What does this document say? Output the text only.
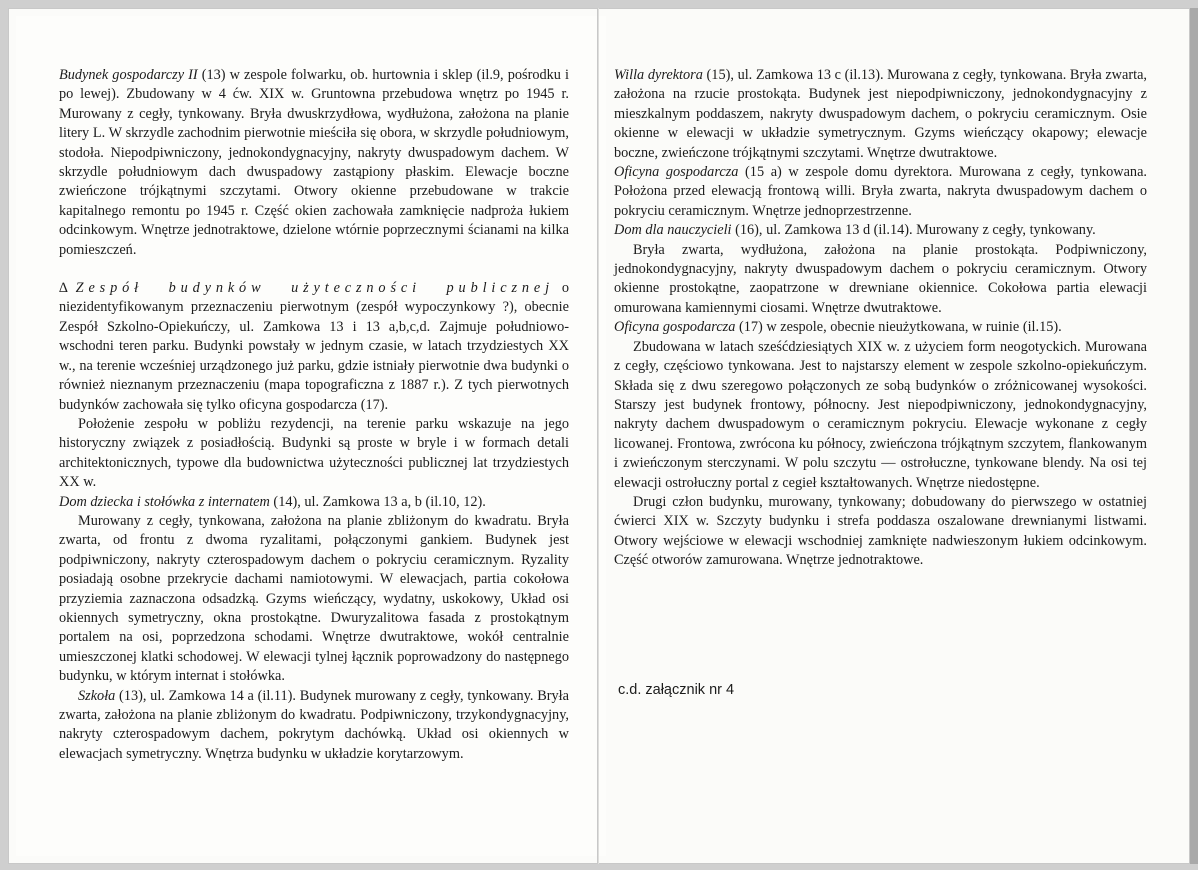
Budynek gospodarczy II (13) w zespole folwarku, ob. hurtownia i sklep (il.9, pośrodku i po lewej). Zbudowany w 4 ćw. XIX w. Gruntowna przebudowa wnętrz po 1945 r. Murowany z cegły, tynkowany. Bryła dwuskrzydłowa, wydłużona, założona na planie litery L. W skrzydle zachodnim pierwotnie mieściła się obora, w skrzydle południowym, stodoła. Niepodpiwniczony, jednokondygnacyjny, nakryty dwuspadowym dachem. W skrzydle południowym dach dwuspadowy zastąpiony płaskim. Elewacje boczne zwieńczone trójkątnymi szczytami. Otwory okienne przebudowane w trakcie kapitalnego remontu po 1945 r. Część okien zachowała zamknięcie nadproża łukiem odcinkowym. Wnętrze jednotraktowe, dzielone wtórnie poprzecznymi ścianami na kilka pomieszczeń.

∆ Zespół budynków użyteczności publicznej o niezidentyfikowanym przeznaczeniu pierwotnym (zespół wypoczynkowy ?), obecnie Zespół Szkolno-Opiekuńczy, ul. Zamkowa 13 i 13 a,b,c,d. Zajmuje południowo-wschodni teren parku. Budynki powstały w jednym czasie, w latach trzydziestych XX w., na terenie wcześniej urządzonego już parku, gdzie istniały pierwotnie dwa budynki o również nieznanym przeznaczeniu (mapa topograficzna z 1887 r.). Z tych pierwotnych budynków zachowała się tylko oficyna gospodarcza (17).

Położenie zespołu w pobliżu rezydencji, na terenie parku wskazuje na jego historyczny związek z posiadłością. Budynki są proste w bryle i w formach detali architektonicznych, typowe dla budownictwa użyteczności publicznej lat trzydziestych XX w.

Dom dziecka i stołówka z internatem (14), ul. Zamkowa 13 a, b (il.10, 12).

Murowany z cegły, tynkowana, założona na planie zbliżonym do kwadratu. Bryła zwarta, od frontu z dwoma ryzalitami, połączonymi gankiem. Budynek jest podpiwniczony, nakryty czterospadowym dachem o pokryciu ceramicznym. Ryzality posiadają osobne przekrycie dachami namiotowymi. W elewacjach, partia cokołowa przyziemia zaznaczona odsadzką. Gzyms wieńczący, wydatny, uskokowy, Układ osi okiennych symetryczny, okna prostokątne. Dwuryzalitowa fasada z prostokątnym portalem na osi, poprzedzona schodami. Wnętrze dwutraktowe, wokół centralnie umieszczonej klatki schodowej. W elewacji tylnej łącznik poprowadzony do następnego budynku, w którym internat i stołówka.

Szkoła (13), ul. Zamkowa 14 a (il.11). Budynek murowany z cegły, tynkowany. Bryła zwarta, założona na planie zbliżonym do kwadratu. Podpiwniczony, trzykondygnacyjny, nakryty czterospadowym dachem, pokrytym dachówką. Układ osi okiennych w elewacjach symetryczny. Wnętrza budynku w układzie korytarzowym.

Willa dyrektora (15), ul. Zamkowa 13 c (il.13). Murowana z cegły, tynkowana. Bryła zwarta, założona na rzucie prostokąta. Budynek jest niepodpiwniczony, jednokondygnacyjny z mieszkalnym poddaszem, nakryty dwuspadowym dachem, o pokryciu ceramicznym. Osie okienne w elewacji w układzie symetrycznym. Gzyms wieńczący okapowy; elewacje boczne, zwieńczone trójkątnymi szczytami. Wnętrze dwutraktowe.

Oficyna gospodarcza (15 a) w zespole domu dyrektora. Murowana z cegły, tynkowana. Położona przed elewacją frontową willi. Bryła zwarta, nakryta dwuspadowym dachem o pokryciu ceramicznym. Wnętrze jednoprzestrzenne.

Dom dla nauczycieli (16), ul. Zamkowa 13 d (il.14). Murowany z cegły, tynkowany.

Bryła zwarta, wydłużona, założona na planie prostokąta. Podpiwniczony, jednokondygnacyjny, nakryty dwuspadowym dachem o pokryciu ceramicznym. Otwory okienne prostokątne, zaopatrzone w drewniane okiennice. Cokołowa partia elewacji omurowana kamiennymi ciosami. Wnętrze dwutraktowe.

Oficyna gospodarcza (17) w zespole, obecnie nieużytkowana, w ruinie (il.15).

Zbudowana w latach sześćdziesiątych XIX w. z użyciem form neogotyckich. Murowana z cegły, częściowo tynkowana. Jest to najstarszy element w zespole szkolno-opiekuńczym. Składa się z dwu szeregowo połączonych ze sobą budynków o zróżnicowanej wysokości. Starszy jest budynek frontowy, północny. Jest niepodpiwniczony, jednokondygnacyjny, nakryty dachem dwuspadowym o ceramicznym pokryciu. Elewacje wykonane z cegły licowanej. Frontowa, zwrócona ku północy, zwieńczona trójkątnym szczytem, flankowanym i zwieńczonym sterczynami. W polu szczytu — ostrołuczne, tynkowane blendy. Na osi tej elewacji ostrołuczny portal z cegieł kształtowanych. Wnętrze niedostępne.

Drugi człon budynku, murowany, tynkowany; dobudowany do pierwszego w ostatniej ćwierci XIX w. Szczyty budynku i strefa poddasza oszalowane drewnianymi listwami. Otwory wejściowe w elewacji wschodniej zamknięte nadwieszonym łukiem odcinkowym. Część otworów zamurowana. Wnętrze jednotraktowe.

c.d. załącznik nr 4
